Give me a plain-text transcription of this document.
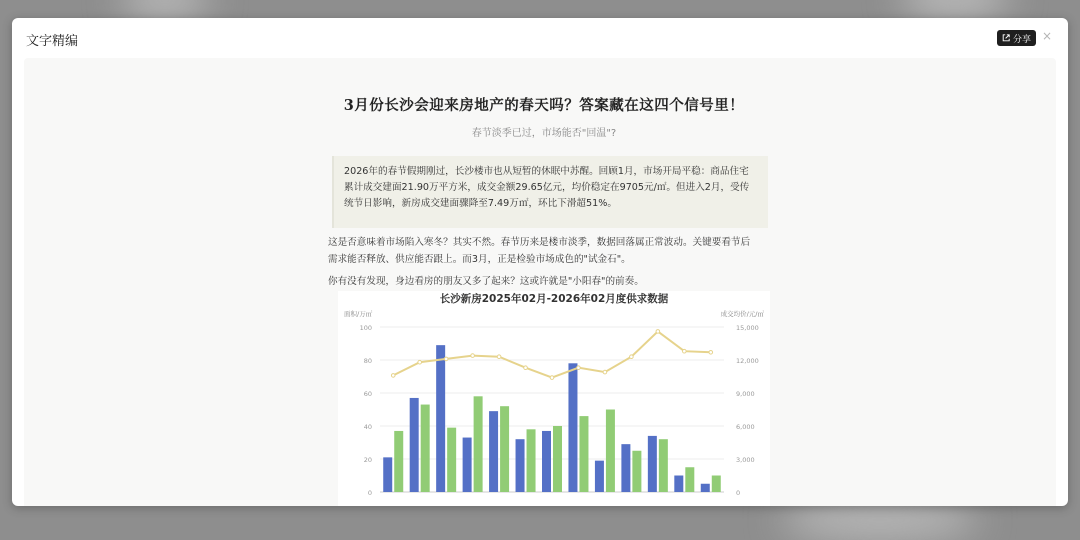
文字精编	分享 ×
3月份长沙会迎来房地产的春天吗？答案藏在这四个信号里！
春节淡季已过，市场能否"回温"?
2026年的春节假期刚过，长沙楼市也从短暂的休眠中苏醒。回顾1月，市场开局平稳：商品住宅累计成交建面21.90万平方米，成交金额29.65亿元，均价稳定在9705元/㎡。但进入2月，受传统节日影响，新房成交建面骤降至7.49万㎡，环比下滑超51%。
这是否意味着市场陷入寒冬？其实不然。春节历来是楼市淡季，数据回落属正常波动。关键要看节后需求能否释放、供应能否跟上。而3月，正是检验市场成色的"试金石"。
你有没有发现，身边看房的朋友又多了起来？这或许就是"小阳春"的前奏。
长沙新房2025年02月-2026年02月度供求数据
面积/万㎡	成交均价/元/㎡
0	0
20	3,000
40	6,000
60	9,000
80	12,000
100	15,000
